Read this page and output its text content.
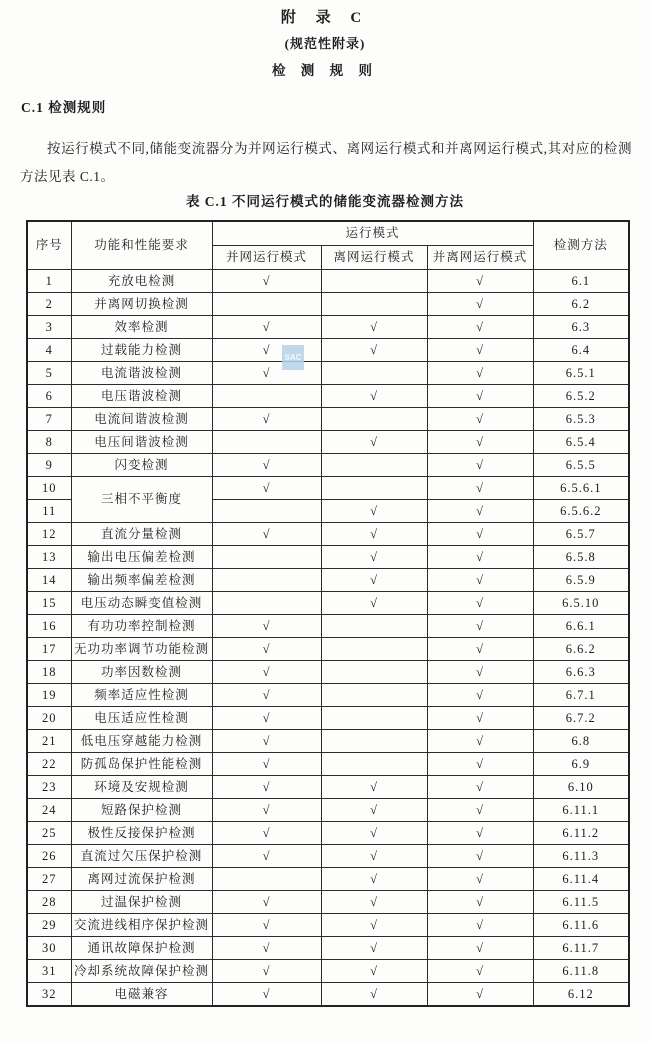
附 录 C
(规范性附录)
检 测 规 则
C.1 检测规则
按运行模式不同,储能变流器分为并网运行模式、离网运行模式和并离网运行模式,其对应的检测方法见表 C.1。
表 C.1 不同运行模式的储能变流器检测方法
序号	功能和性能要求	运行模式			检测方法
		并网运行模式	离网运行模式	并离网运行模式	
1	充放电检测	√		√	6.1
2	并离网切换检测			√	6.2
3	效率检测	√	√	√	6.3
4	过载能力检测	√	√	√	6.4
5	电流谐波检测	√		√	6.5.1
6	电压谐波检测		√	√	6.5.2
7	电流间谐波检测	√		√	6.5.3
8	电压间谐波检测		√	√	6.5.4
9	闪变检测	√		√	6.5.5
10	三相不平衡度	√		√	6.5.6.1
11			√	√	6.5.6.2
12	直流分量检测	√	√	√	6.5.7
13	输出电压偏差检测		√	√	6.5.8
14	输出频率偏差检测		√	√	6.5.9
15	电压动态瞬变值检测		√	√	6.5.10
16	有功功率控制检测	√		√	6.6.1
17	无功功率调节功能检测	√		√	6.6.2
18	功率因数检测	√		√	6.6.3
19	频率适应性检测	√		√	6.7.1
20	电压适应性检测	√		√	6.7.2
21	低电压穿越能力检测	√		√	6.8
22	防孤岛保护性能检测	√		√	6.9
23	环境及安规检测	√	√	√	6.10
24	短路保护检测	√	√	√	6.11.1
25	极性反接保护检测	√	√	√	6.11.2
26	直流过欠压保护检测	√	√	√	6.11.3
27	离网过流保护检测		√	√	6.11.4
28	过温保护检测	√	√	√	6.11.5
29	交流进线相序保护检测	√	√	√	6.11.6
30	通讯故障保护检测	√	√	√	6.11.7
31	冷却系统故障保护检测	√	√	√	6.11.8
32	电磁兼容	√	√	√	6.12
SAC
